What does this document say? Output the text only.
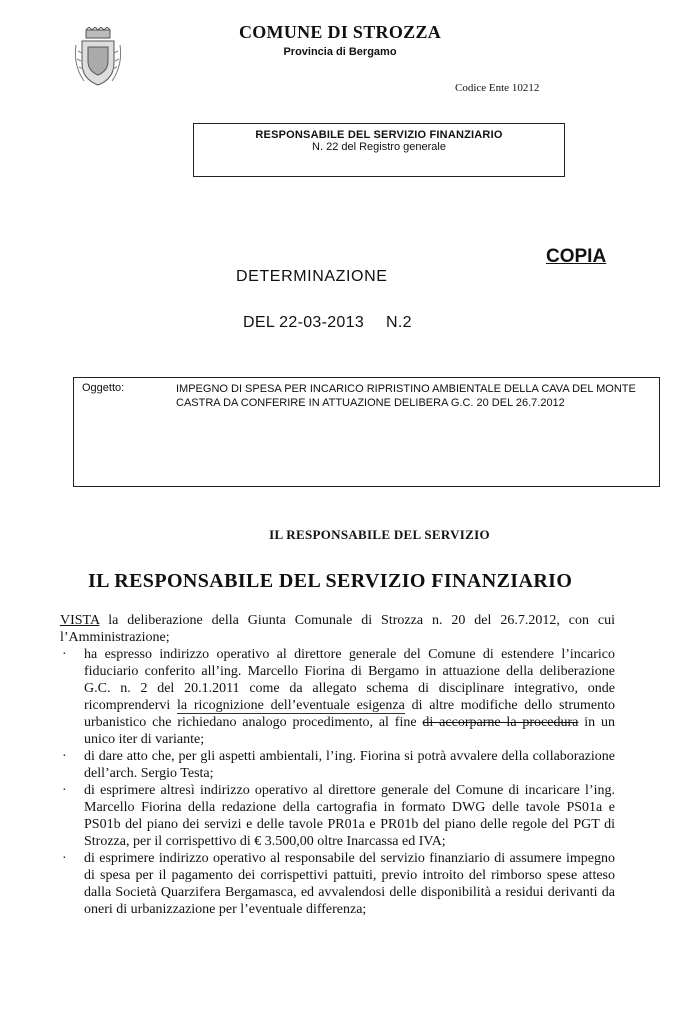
COMUNE DI STROZZA
Provincia di Bergamo
Codice Ente 10212
RESPONSABILE DEL SERVIZIO FINANZIARIO
N. 22 del Registro generale
COPIA
DETERMINAZIONE
DEL 22-03-2013 N.2
Oggetto:	IMPEGNO DI SPESA PER INCARICO RIPRISTINO AMBIENTALE DELLA CAVA DEL MONTE CASTRA DA CONFERIRE IN ATTUAZIONE DELIBERA G.C. 20 DEL 26.7.2012
IL RESPONSABILE DEL SERVIZIO
IL RESPONSABILE DEL SERVIZIO FINANZIARIO

VISTA la deliberazione della Giunta Comunale di Strozza n. 20 del 26.7.2012, con cui l’Amministrazione;

· ha espresso indirizzo operativo al direttore generale del Comune di estendere l’incarico fiduciario conferito all’ing. Marcello Fiorina di Bergamo in attuazione della deliberazione G.C. n. 2 del 20.1.2011 come da allegato schema di disciplinare integrativo, onde ricomprendervi la ricognizione dell’eventuale esigenza di altre modifiche dello strumento urbanistico che richiedano analogo procedimento, al fine di accorparne la procedura in un unico iter di variante;
· di dare atto che, per gli aspetti ambientali, l’ing. Fiorina si potrà avvalere della collaborazione dell’arch. Sergio Testa;
· di esprimere altresì indirizzo operativo al direttore generale del Comune di incaricare l’ing. Marcello Fiorina della redazione della cartografia in formato DWG delle tavole PS01a e PS01b del piano dei servizi e delle tavole PR01a e PR01b del piano delle regole del PGT di Strozza, per il corrispettivo di € 3.500,00 oltre Inarcassa ed IVA;
· di esprimere indirizzo operativo al responsabile del servizio finanziario di assumere impegno di spesa per il pagamento dei corrispettivi pattuiti, previo introito del rimborso spese atteso dalla Società Quarzifera Bergamasca, ed avvalendosi delle disponibilità a residui derivanti da oneri di urbanizzazione per l’eventuale differenza;
